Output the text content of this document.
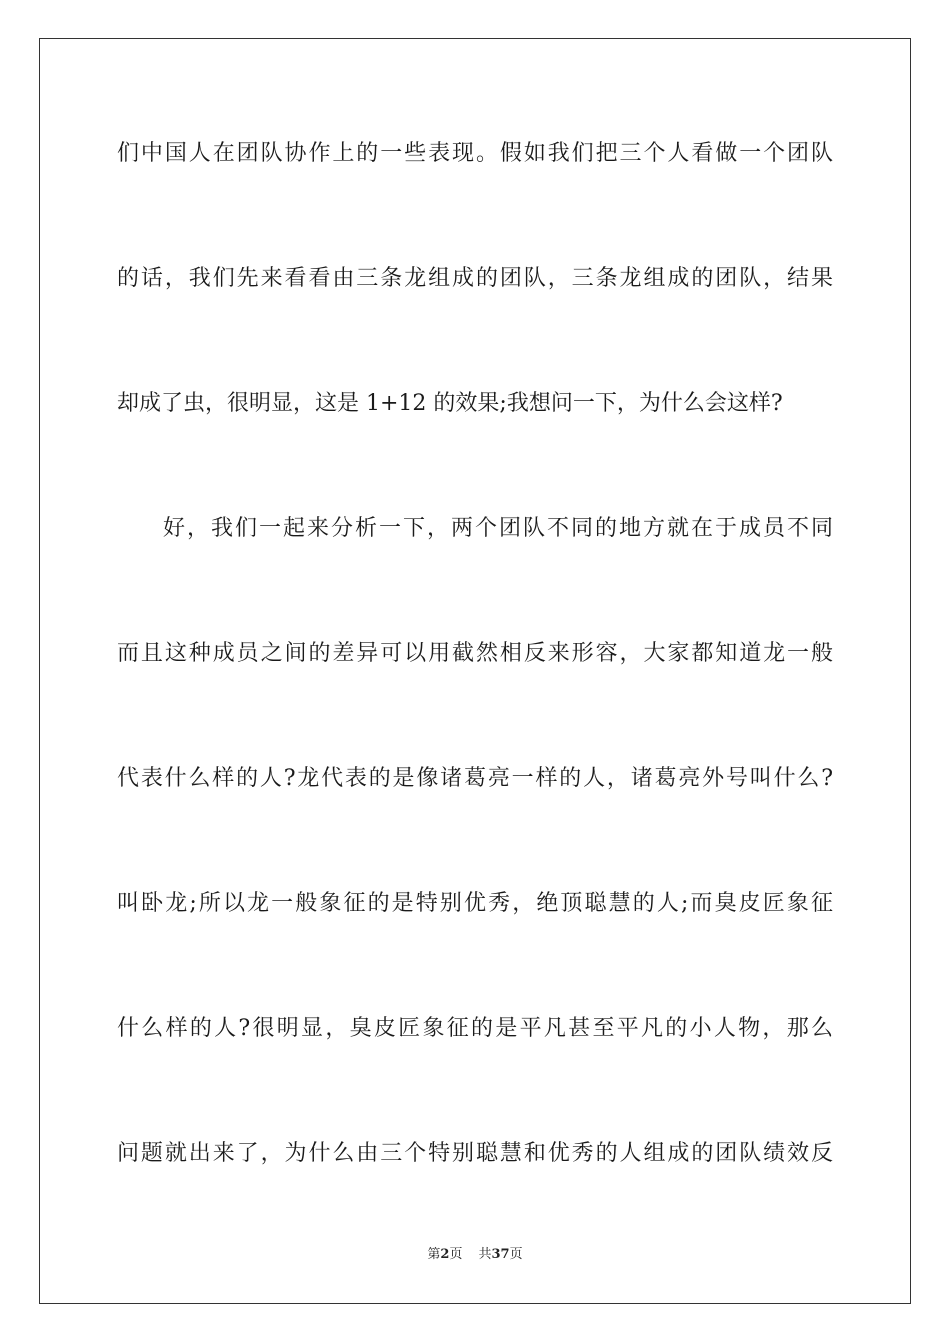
们中国人在团队协作上的一些表现。假如我们把三个人看做一个团队
的话，我们先来看看由三条龙组成的团队，三条龙组成的团队，结果
却成了虫，很明显，这是 1+12 的效果;我想问一下，为什么会这样?
好，我们一起来分析一下，两个团队不同的地方就在于成员不同
而且这种成员之间的差异可以用截然相反来形容，大家都知道龙一般
代表什么样的人?龙代表的是像诸葛亮一样的人，诸葛亮外号叫什么?
叫卧龙;所以龙一般象征的是特别优秀，绝顶聪慧的人;而臭皮匠象征
什么样的人?很明显，臭皮匠象征的是平凡甚至平凡的小人物，那么
问题就出来了，为什么由三个特别聪慧和优秀的人组成的团队绩效反
第2页 共37页
